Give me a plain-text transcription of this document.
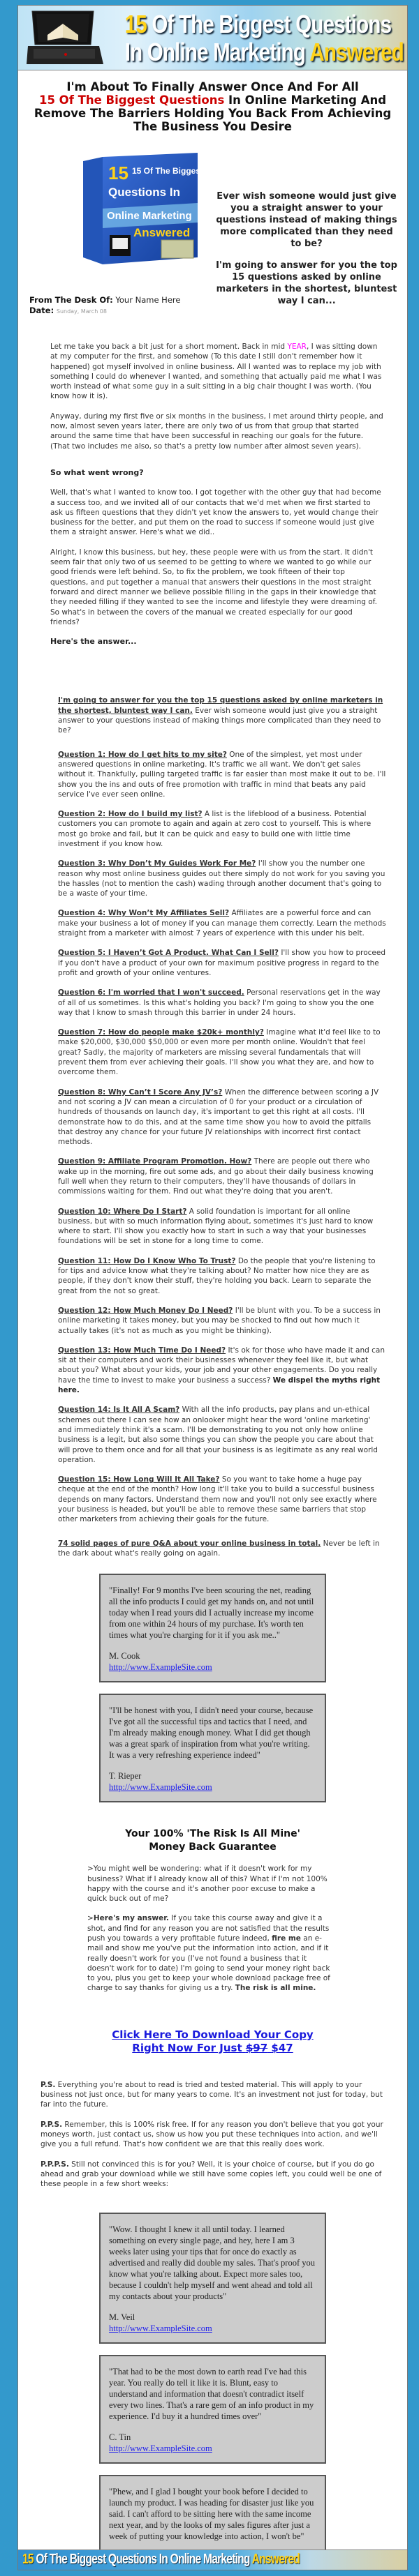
15 Of The Biggest Questions
In Online Marketing Answered
I'm About To Finally Answer Once And For All
15 Of The Biggest Questions In Online Marketing And Remove The Barriers Holding You Back From Achieving The Business You Desire
15 15 Of The Biggest
Questions In
Online Marketing
Answered

Ever wish someone would just give you a straight answer to your questions instead of making things more complicated than they need to be?

I'm going to answer for you the top 15 questions asked by online marketers in the shortest, bluntest way I can...

From The Desk Of: Your Name Here
Date: Sunday, March 08

Let me take you back a bit just for a short moment. Back in mid YEAR, I was sitting down at my computer for the first, and somehow (To this date I still don't remember how it happened) got myself involved in online business. All I wanted was to replace my job with something I could do whenever I wanted, and something that actually paid me what I was worth instead of what some guy in a suit sitting in a big chair thought I was worth. (You know how it is).

Anyway, during my first five or six months in the business, I met around thirty people, and now, almost seven years later, there are only two of us from that group that started around the same time that have been successful in reaching our goals for the future. (That two includes me also, so that's a pretty low number after almost seven years).

So what went wrong?

Well, that's what I wanted to know too. I got together with the other guy that had become a success too, and we invited all of our contacts that we'd met when we first started to ask us fifteen questions that they didn't yet know the answers to, yet would change their business for the better, and put them on the road to success if someone would just give them a straight answer. Here's what we did..

Alright, I know this business, but hey, these people were with us from the start. It didn't seem fair that only two of us seemed to be getting to where we wanted to go while our good friends were left behind. So, to fix the problem, we took fifteen of their top questions, and put together a manual that answers their questions in the most straight forward and direct manner we believe possible filling in the gaps in their knowledge that they needed filling if they wanted to see the income and lifestyle they were dreaming of. So what's in between the covers of the manual we created especially for our good friends?

Here's the answer...

I'm going to answer for you the top 15 questions asked by online marketers in the shortest, bluntest way I can. Ever wish someone would just give you a straight answer to your questions instead of making things more complicated than they need to be?

Question 1: How do I get hits to my site? One of the simplest, yet most under answered questions in online marketing. It's traffic we all want. We don't get sales without it. Thankfully, pulling targeted traffic is far easier than most make it out to be. I'll show you the ins and outs of free promotion with traffic in mind that beats any paid service I've ever seen online.

Question 2: How do I build my list? A list is the lifeblood of a business. Potential customers you can promote to again and again at zero cost to yourself. This is where most go broke and fail, but It can be quick and easy to build one with little time investment if you know how.

Question 3: Why Don’t My Guides Work For Me? I'll show you the number one reason why most online business guides out there simply do not work for you saving you the hassles (not to mention the cash) wading through another document that's going to be a waste of your time.

Question 4: Why Won’t My Affiliates Sell? Affiliates are a powerful force and can make your business a lot of money if you can manage them correctly. Learn the methods straight from a marketer with almost 7 years of experience with this under his belt.

Question 5: I Haven’t Got A Product. What Can I Sell? I'll show you how to proceed if you don't have a product of your own for maximum positive progress in regard to the profit and growth of your online ventures.

Question 6: I'm worried that I won't succeed. Personal reservations get in the way of all of us sometimes. Is this what's holding you back? I'm going to show you the one way that I know to smash through this barrier in under 24 hours.

Question 7: How do people make $20k+ monthly? Imagine what it'd feel like to to make $20,000, $30,000 $50,000 or even more per month online. Wouldn't that feel great? Sadly, the majority of marketers are missing several fundamentals that will prevent them from ever achieving their goals. I'll show you what they are, and how to overcome them.

Question 8: Why Can’t I Score Any JV’s? When the difference between scoring a JV and not scoring a JV can mean a circulation of 0 for your product or a circulation of hundreds of thousands on launch day, it's important to get this right at all costs. I'll demonstrate how to do this, and at the same time show you how to avoid the pitfalls that destroy any chance for your future JV relationships with incorrect first contact methods.

Question 9: Affiliate Program Promotion. How? There are people out there who wake up in the morning, fire out some ads, and go about their daily business knowing full well when they return to their computers, they'll have thousands of dollars in commissions waiting for them. Find out what they're doing that you aren't.

Question 10: Where Do I Start? A solid foundation is important for all online business, but with so much information flying about, sometimes it's just hard to know where to start. I'll show you exactly how to start in such a way that your businesses foundations will be set in stone for a long time to come.

Question 11: How Do I Know Who To Trust? Do the people that you're listening to for tips and advice know what they're talking about? No matter how nice they are as people, if they don't know their stuff, they're holding you back. Learn to separate the great from the not so great.

Question 12: How Much Money Do I Need? I'll be blunt with you. To be a success in online marketing it takes money, but you may be shocked to find out how much it actually takes (it's not as much as you might be thinking).

Question 13: How Much Time Do I Need? It's ok for those who have made it and can sit at their computers and work their businesses whenever they feel like it, but what about you? What about your kids, your job and your other engagements. Do you really have the time to invest to make your business a success? We dispel the myths right here.

Question 14: Is It All A Scam? With all the info products, pay plans and un-ethical schemes out there I can see how an onlooker might hear the word 'online marketing' and immediately think it's a scam. I'll be demonstrating to you not only how online business is a legit, but also some things you can show the people you care about that will prove to them once and for all that your business is as legitimate as any real world operation.

Question 15: How Long Will It All Take? So you want to take home a huge pay cheque at the end of the month? How long it'll take you to build a successful business depends on many factors. Understand them now and you'll not only see exactly where your business is headed, but you'll be able to remove these same barriers that stop other marketers from achieving their goals for the future.

74 solid pages of pure Q&A about your online business in total. Never be left in the dark about what's really going on again.

"Finally! For 9 months I've been scouring the net, reading all the info products I could get my hands on, and not until today when I read yours did I actually increase my income from one within 24 hours of my purchase. It's worth ten times what you're charging for it if you ask me.."

M. Cook
http://www.ExampleSite.com

"I'll be honest with you, I didn't need your course, because I've got all the successful tips and tactics that I need, and I'm already making enough money. What I did get though was a great spark of inspiration from what you're writing. It was a very refreshing experience indeed"

T. Rieper
http://www.ExampleSite.com
Your 100% 'The Risk Is All Mine'
Money Back Guarantee

>You might well be wondering: what if it doesn't work for my business? What if I already know all of this? What if I'm not 100% happy with the course and it's another poor excuse to make a quick buck out of me?

>Here's my answer. If you take this course away and give it a shot, and find for any reason you are not satisfied that the results push you towards a very profitable future indeed, fire me an e-mail and show me you've put the information into action, and if it really doesn't work for you (I've not found a business that it doesn't work for to date) I'm going to send your money right back to you, plus you get to keep your whole download package free of charge to say thanks for giving us a try. The risk is all mine.

Click Here To Download Your Copy
Right Now For Just $97 $47

P.S. Everything you're about to read is tried and tested material. This will apply to your business not just once, but for many years to come. It's an investment not just for today, but far into the future.

P.P.S. Remember, this is 100% risk free. If for any reason you don't believe that you got your moneys worth, just contact us, show us how you put these techniques into action, and we'll give you a full refund. That's how confident we are that this really does work.

P.P.P.S. Still not convinced this is for you? Well, it is your choice of course, but if you do go ahead and grab your download while we still have some copies left, you could well be one of these people in a few short weeks:

"Wow. I thought I knew it all until today. I learned something on every single page, and hey, here I am 3 weeks later using your tips that for once do exactly as advertised and really did double my sales. That's proof you know what you're talking about. Expect more sales too, because I couldn't help myself and went ahead and told all my contacts about your products"

M. Veil
http://www.ExampleSite.com

"That had to be the most down to earth read I've had this year. You really do tell it like it is. Blunt, easy to understand and information that doesn't contradict itself every two lines. That's a rare gem of an info product in my experience. I'd buy it a hundred times over"

C. Tin
http://www.ExampleSite.com

"Phew, and I glad I bought your book before I decided to launch my product. I was heading for disaster just like you said. I can't afford to be sitting here with the same income next year, and by the looks of my sales figures after just a week of putting your knowledge into action, I won't be"

15 Of The Biggest Questions In Online Marketing Answered
